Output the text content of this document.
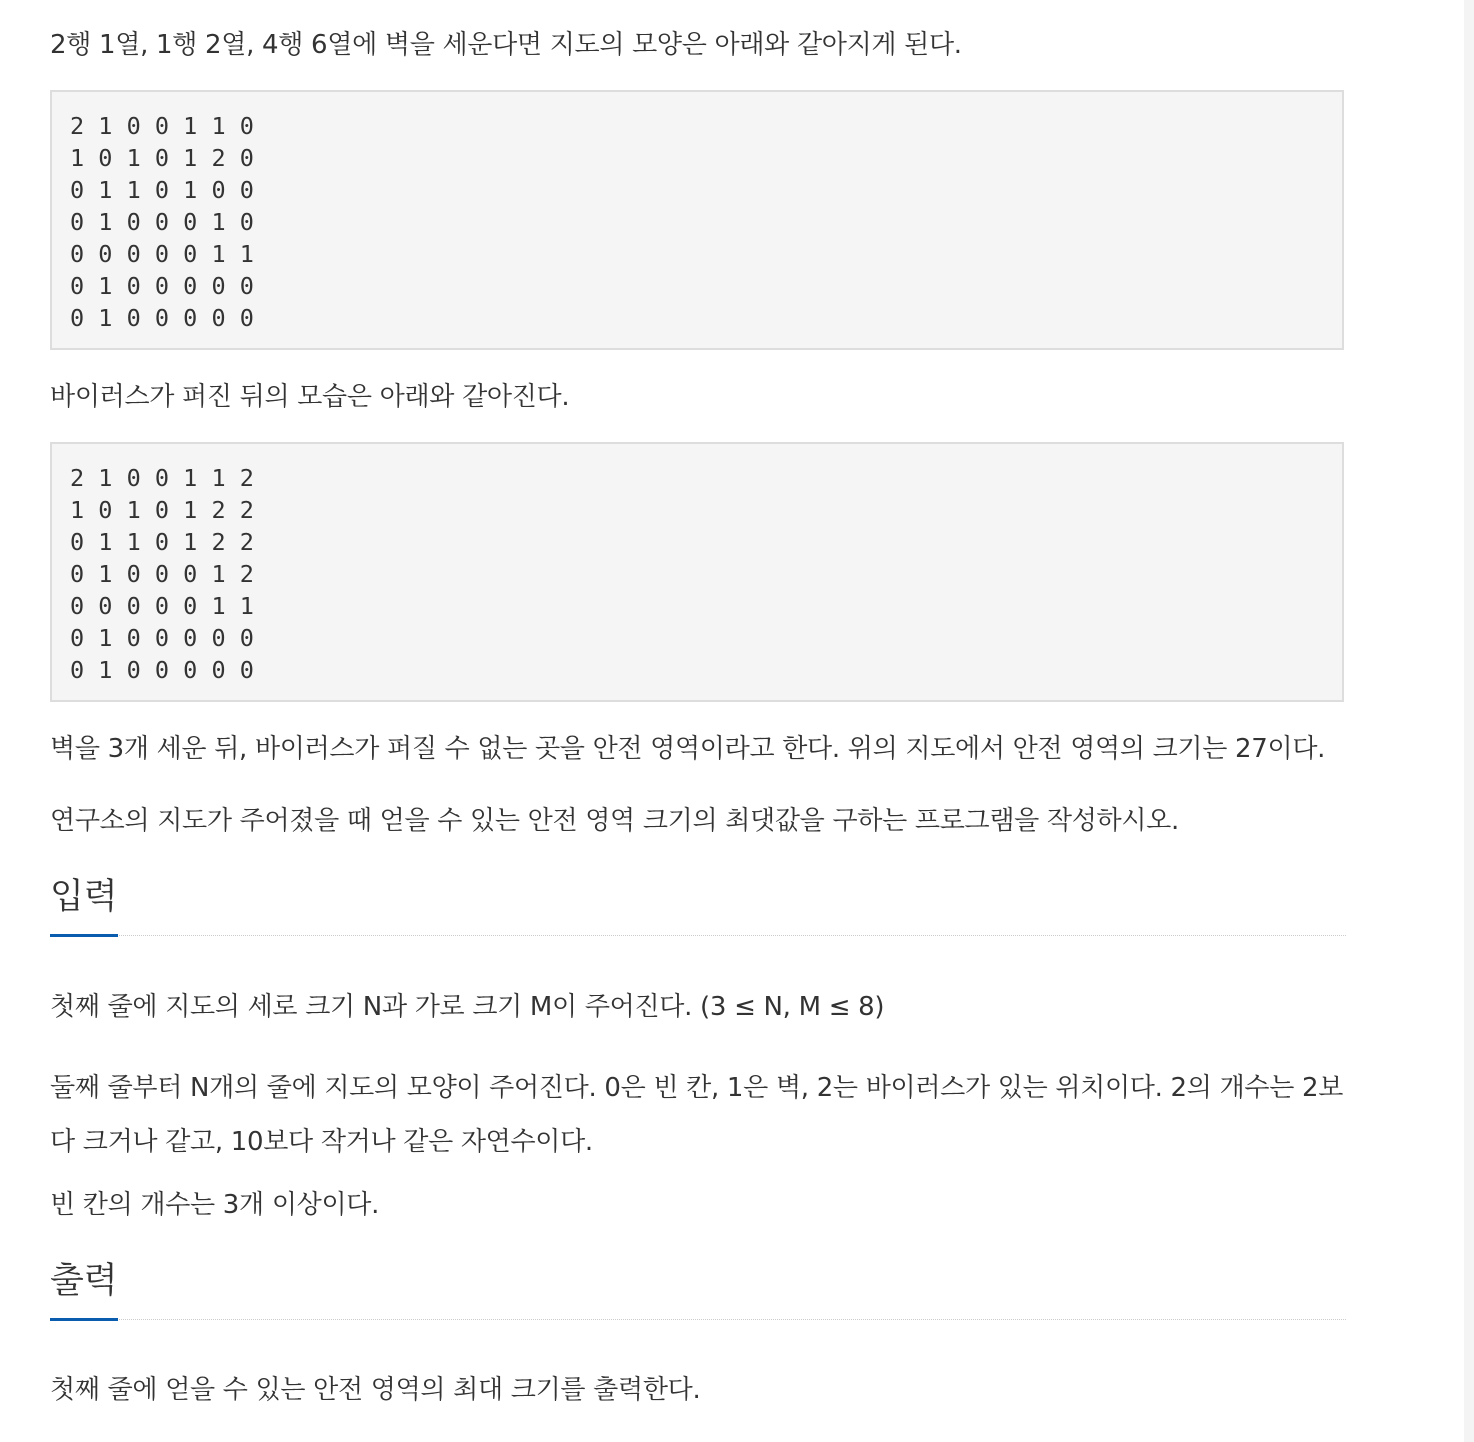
2행 1열, 1행 2열, 4행 6열에 벽을 세운다면 지도의 모양은 아래와 같아지게 된다.

2 1 0 0 1 1 0
1 0 1 0 1 2 0
0 1 1 0 1 0 0
0 1 0 0 0 1 0
0 0 0 0 0 1 1
0 1 0 0 0 0 0
0 1 0 0 0 0 0

바이러스가 퍼진 뒤의 모습은 아래와 같아진다.

2 1 0 0 1 1 2
1 0 1 0 1 2 2
0 1 1 0 1 2 2
0 1 0 0 0 1 2
0 0 0 0 0 1 1
0 1 0 0 0 0 0
0 1 0 0 0 0 0

벽을 3개 세운 뒤, 바이러스가 퍼질 수 없는 곳을 안전 영역이라고 한다. 위의 지도에서 안전 영역의 크기는 27이다.

연구소의 지도가 주어졌을 때 얻을 수 있는 안전 영역 크기의 최댓값을 구하는 프로그램을 작성하시오.

입력

첫째 줄에 지도의 세로 크기 N과 가로 크기 M이 주어진다. (3 ≤ N, M ≤ 8)

둘째 줄부터 N개의 줄에 지도의 모양이 주어진다. 0은 빈 칸, 1은 벽, 2는 바이러스가 있는 위치이다. 2의 개수는 2보다 크거나 같고, 10보다 작거나 같은 자연수이다.

빈 칸의 개수는 3개 이상이다.

출력

첫째 줄에 얻을 수 있는 안전 영역의 최대 크기를 출력한다.
